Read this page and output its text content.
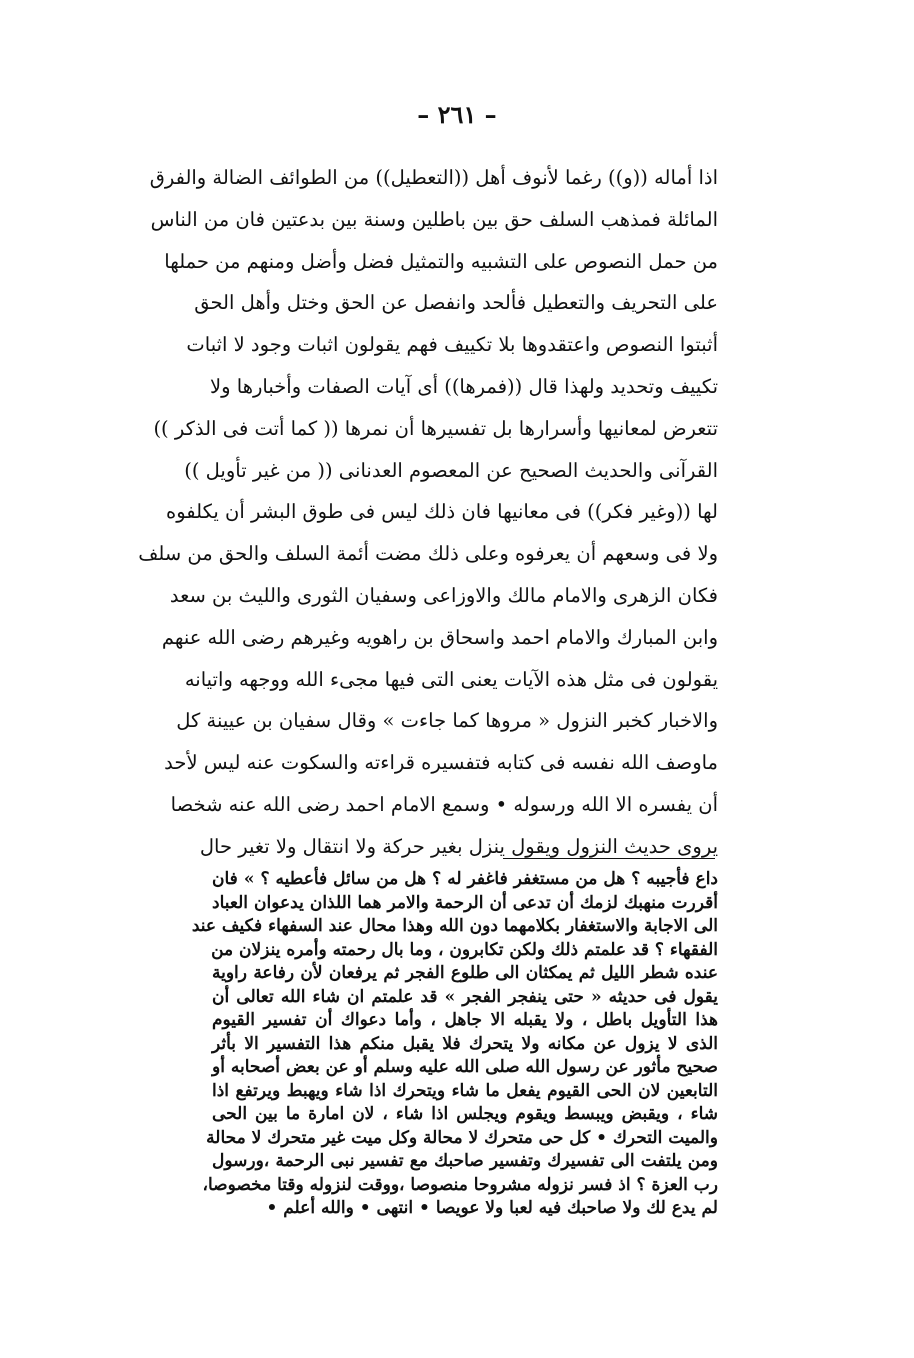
– ٢٦١ –
اذا أماله ((و)) رغما لأنوف أهل ((التعطيل)) من الطوائف الضالة والفرق
المائلة فمذهب السلف حق بين باطلين وسنة بين بدعتين فان من الناس
من حمل النصوص على التشبيه والتمثيل فضل وأضل ومنهم من حملها
على التحريف والتعطيل فألحد وانفصل عن الحق وختل وأهل الحق
أثبتوا النصوص واعتقدوها بلا تكييف فهم يقولون اثبات وجود لا اثبات
تكييف وتحديد ولهذا قال ((فمرها)) أى آيات الصفات وأخبارها ولا
تتعرض لمعانيها وأسرارها بل تفسيرها أن نمرها (( كما أتت فى الذكر ))
القرآنى والحديث الصحيح عن المعصوم العدنانى (( من غير تأويل ))
لها ((وغير فكر)) فى معانيها فان ذلك ليس فى طوق البشر أن يكلفوه
ولا فى وسعهم أن يعرفوه وعلى ذلك مضت أئمة السلف والحق من سلف
فكان الزهرى والامام مالك والاوزاعى وسفيان الثورى والليث بن سعد
وابن المبارك والامام احمد واسحاق بن راهويه وغيرهم رضى الله عنهم
يقولون فى مثل هذه الآيات يعنى التى فيها مجىء الله ووجهه واتيانه
والاخبار كخبر النزول « مروها كما جاءت » وقال سفيان بن عيينة كل
ماوصف الله نفسه فى كتابه فتفسيره قراءته والسكوت عنه ليس لأحد
أن يفسره الا الله ورسوله • وسمع الامام احمد رضى الله عنه شخصا
يروى حديث النزول ويقول ينزل بغير حركة ولا انتقال ولا تغير حال
داع فأجيبه ؟ هل من مستغفر فاغفر له ؟ هل من سائل فأعطيه ؟ » فان
أقررت منهبك لزمك أن تدعى أن الرحمة والامر هما اللذان يدعوان العباد
الى الاجابة والاستغفار بكلامهما دون الله وهذا محال عند السفهاء فكيف عند
الفقهاء ؟ قد علمتم ذلك ولكن تكابرون ، وما بال رحمته وأمره ينزلان من
عنده شطر الليل ثم يمكثان الى طلوع الفجر ثم يرفعان لأن رفاعة راوية
يقول فى حديثه « حتى ينفجر الفجر » قد علمتم ان شاء الله تعالى أن
هذا التأويل باطل ، ولا يقبله الا جاهل ، وأما دعواك أن تفسير القيوم
الذى لا يزول عن مكانه ولا يتحرك فلا يقبل منكم هذا التفسير الا بأثر
صحيح مأثور عن رسول الله صلى الله عليه وسلم أو عن بعض أصحابه أو
التابعين لان الحى القيوم يفعل ما شاء ويتحرك اذا شاء ويهبط ويرتفع اذا
شاء ، ويقبض ويبسط ويقوم ويجلس اذا شاء ، لان امارة ما بين الحى
والميت التحرك • كل حى متحرك لا محالة وكل ميت غير متحرك لا محالة
ومن يلتفت الى تفسيرك وتفسير صاحبك مع تفسير نبى الرحمة ،ورسول
رب العزة ؟ اذ فسر نزوله مشروحا منصوصا ،ووقت لنزوله وقتا مخصوصا،
لم يدع لك ولا صاحبك فيه لعبا ولا عويصا • انتهى • والله أعلم •
